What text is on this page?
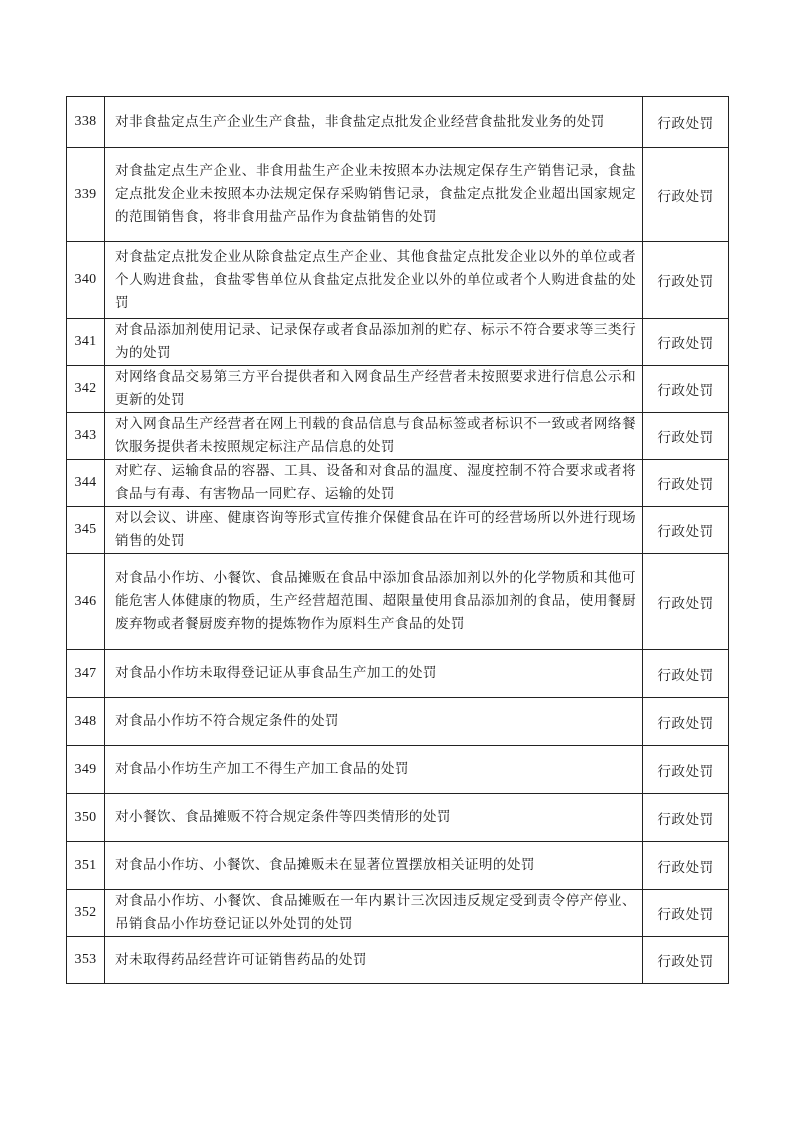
338	对非食盐定点生产企业生产食盐，非食盐定点批发企业经营食盐批发业务的处罚	行政处罚
339	对食盐定点生产企业、非食用盐生产企业未按照本办法规定保存生产销售记录，食盐定点批发企业未按照本办法规定保存采购销售记录，食盐定点批发企业超出国家规定的范围销售食，将非食用盐产品作为食盐销售的处罚	行政处罚
340	对食盐定点批发企业从除食盐定点生产企业、其他食盐定点批发企业以外的单位或者个人购进食盐，食盐零售单位从食盐定点批发企业以外的单位或者个人购进食盐的处罚	行政处罚
341	对食品添加剂使用记录、记录保存或者食品添加剂的贮存、标示不符合要求等三类行为的处罚	行政处罚
342	对网络食品交易第三方平台提供者和入网食品生产经营者未按照要求进行信息公示和更新的处罚	行政处罚
343	对入网食品生产经营者在网上刊载的食品信息与食品标签或者标识不一致或者网络餐饮服务提供者未按照规定标注产品信息的处罚	行政处罚
344	对贮存、运输食品的容器、工具、设备和对食品的温度、湿度控制不符合要求或者将食品与有毒、有害物品一同贮存、运输的处罚	行政处罚
345	对以会议、讲座、健康咨询等形式宣传推介保健食品在许可的经营场所以外进行现场销售的处罚	行政处罚
346	对食品小作坊、小餐饮、食品摊贩在食品中添加食品添加剂以外的化学物质和其他可能危害人体健康的物质，生产经营超范围、超限量使用食品添加剂的食品，使用餐厨废弃物或者餐厨废弃物的提炼物作为原料生产食品的处罚	行政处罚
347	对食品小作坊未取得登记证从事食品生产加工的处罚	行政处罚
348	对食品小作坊不符合规定条件的处罚	行政处罚
349	对食品小作坊生产加工不得生产加工食品的处罚	行政处罚
350	对小餐饮、食品摊贩不符合规定条件等四类情形的处罚	行政处罚
351	对食品小作坊、小餐饮、食品摊贩未在显著位置摆放相关证明的处罚	行政处罚
352	对食品小作坊、小餐饮、食品摊贩在一年内累计三次因违反规定受到责令停产停业、吊销食品小作坊登记证以外处罚的处罚	行政处罚
353	对未取得药品经营许可证销售药品的处罚	行政处罚
